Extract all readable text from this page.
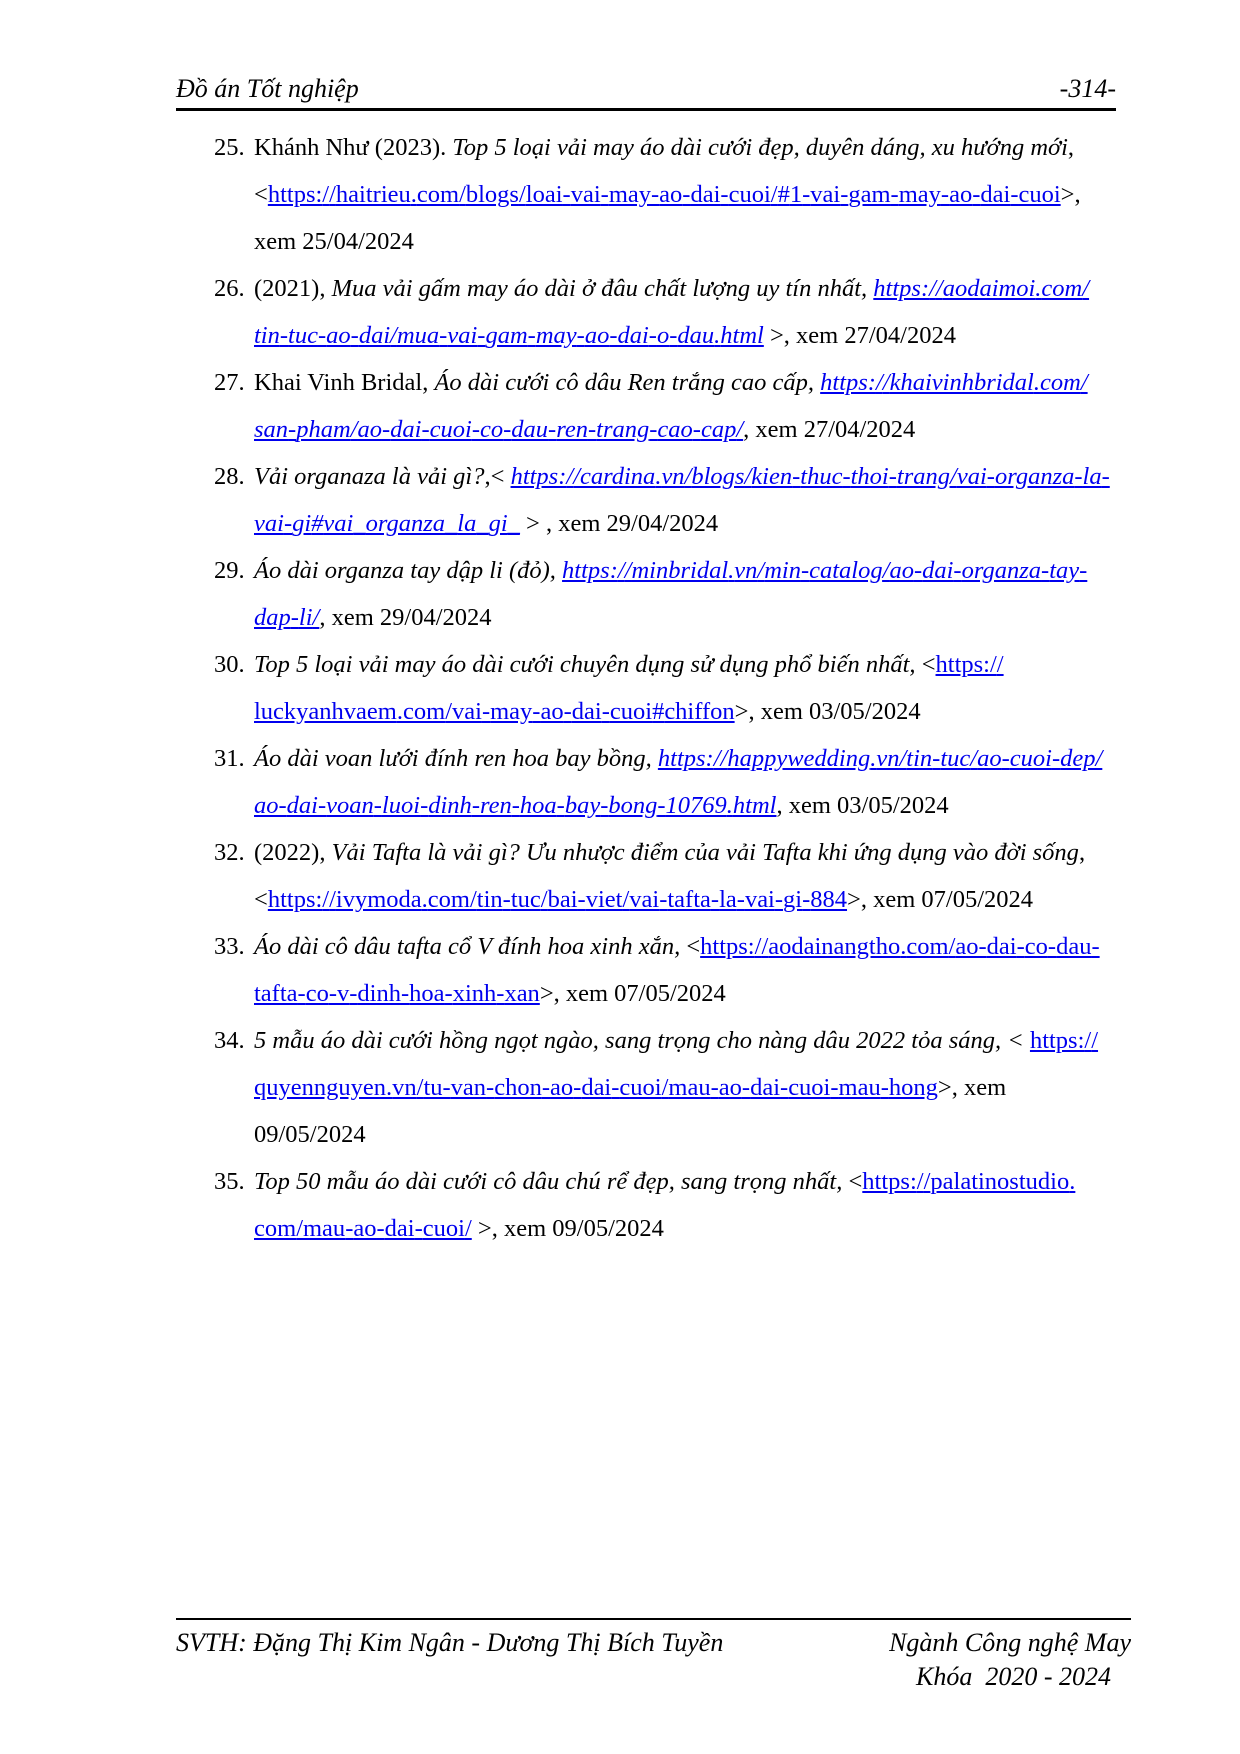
Đồ án Tốt nghiệp	-314-
25. Khánh Như (2023). Top 5 loại vải may áo dài cưới đẹp, duyên dáng, xu hướng mới, <https://haitrieu.com/blogs/loai-vai-may-ao-dai-cuoi/#1-vai-gam-may-ao-dai-cuoi>, xem 25/04/2024
26. (2021), Mua vải gấm may áo dài ở đâu chất lượng uy tín nhất, https://aodaimoi.com/tin-tuc-ao-dai/mua-vai-gam-may-ao-dai-o-dau.html >, xem 27/04/2024
27. Khai Vinh Bridal, Áo dài cưới cô dâu Ren trắng cao cấp, https://khaivinhbridal.com/san-pham/ao-dai-cuoi-co-dau-ren-trang-cao-cap/, xem 27/04/2024
28. Vải organaza là vải gì?,< https://cardina.vn/blogs/kien-thuc-thoi-trang/vai-organza-la-vai-gi#vai_organza_la_gi_ > , xem 29/04/2024
29. Áo dài organza tay dập li (đỏ), https://minbridal.vn/min-catalog/ao-dai-organza-tay-dap-li/, xem 29/04/2024
30. Top 5 loại vải may áo dài cưới chuyên dụng sử dụng phổ biến nhất, <https://luckyanhvaem.com/vai-may-ao-dai-cuoi#chiffon>, xem 03/05/2024
31. Áo dài voan lưới đính ren hoa bay bồng, https://happywedding.vn/tin-tuc/ao-cuoi-dep/ao-dai-voan-luoi-dinh-ren-hoa-bay-bong-10769.html, xem 03/05/2024
32. (2022), Vải Tafta là vải gì? Ưu nhược điểm của vải Tafta khi ứng dụng vào đời sống, <https://ivymoda.com/tin-tuc/bai-viet/vai-tafta-la-vai-gi-884>, xem 07/05/2024
33. Áo dài cô dâu tafta cổ V đính hoa xinh xắn, <https://aodainangtho.com/ao-dai-co-dau-tafta-co-v-dinh-hoa-xinh-xan>, xem 07/05/2024
34. 5 mẫu áo dài cưới hồng ngọt ngào, sang trọng cho nàng dâu 2022 tỏa sáng, < https://quyennguyen.vn/tu-van-chon-ao-dai-cuoi/mau-ao-dai-cuoi-mau-hong>, xem 09/05/2024
35. Top 50 mẫu áo dài cưới cô dâu chú rể đẹp, sang trọng nhất, <https://palatinostudio.com/mau-ao-dai-cuoi/ >, xem 09/05/2024
SVTH: Đặng Thị Kim Ngân - Dương Thị Bích Tuyền	Ngành Công nghệ May
Khóa  2020 - 2024
